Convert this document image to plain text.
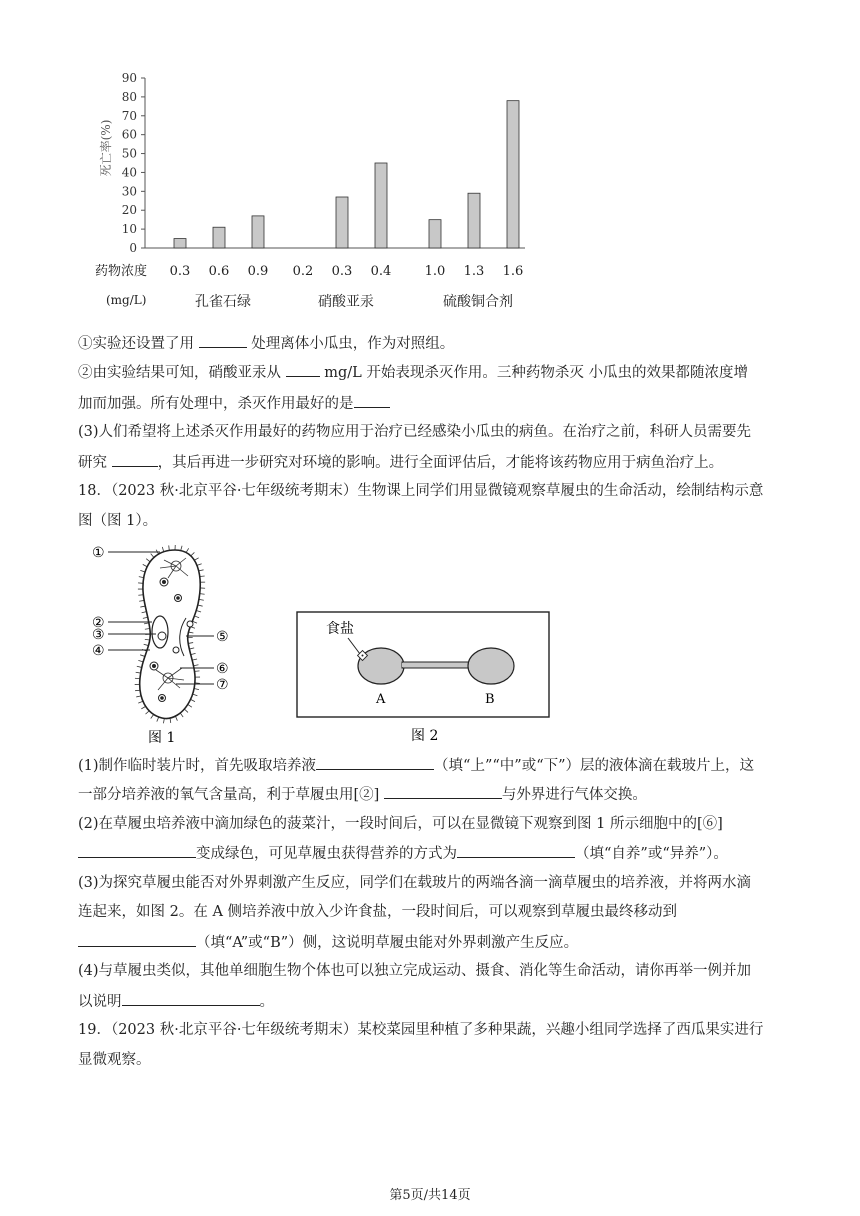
死亡率(%)
0
10
20
30
40
50
60
70
80
90
药物浓度 0.3 0.6 0.9 0.2 0.3 0.4	1.0 1.3 1.6
(mg/L)	孔雀石绿	硝酸亚汞	硫酸铜合剂
①实验还设置了用	处理离体小瓜虫，作为对照组。
②由实验结果可知，硝酸亚汞从	mg/L 开始表现杀灭作用。三种药物杀灭 小瓜虫的效果都随浓度增
加而加强。所有处理中，杀灭作用最好的是
(3)人们希望将上述杀灭作用最好的药物应用于治疗已经感染小瓜虫的病鱼。在治疗之前，科研人员需要先
研究	，其后再进一步研究对环境的影响。进行全面评估后，才能将该药物应用于病鱼治疗上。
18．（2023 秋·北京平谷·七年级统考期末）生物课上同学们用显微镜观察草履虫的生命活动，绘制结构示意
图（图 1）。
①
②
③
④
⑤
⑥
⑦
图 1
食盐
A	B
图 2
(1)制作临时装片时，首先吸取培养液	（填“上”“中”或“下”）层的液体滴在载玻片上，这
一部分培养液的氧气含量高，利于草履虫用[②]	与外界进行气体交换。
(2)在草履虫培养液中滴加绿色的菠菜汁，一段时间后，可以在显微镜下观察到图 1 所示细胞中的[⑥]
变成绿色，可见草履虫获得营养的方式为	（填“自养”或“异养”）。
(3)为探究草履虫能否对外界刺激产生反应，同学们在载玻片的两端各滴一滴草履虫的培养液，并将两水滴
连起来，如图 2。在 A 侧培养液中放入少许食盐，一段时间后，可以观察到草履虫最终移动到
（填“A”或“B”）侧，这说明草履虫能对外界刺激产生反应。
(4)与草履虫类似，其他单细胞生物个体也可以独立完成运动、摄食、消化等生命活动，请你再举一例并加
以说明	。
19．（2023 秋·北京平谷·七年级统考期末）某校菜园里种植了多种果蔬，兴趣小组同学选择了西瓜果实进行
显微观察。
第5页/共14页
